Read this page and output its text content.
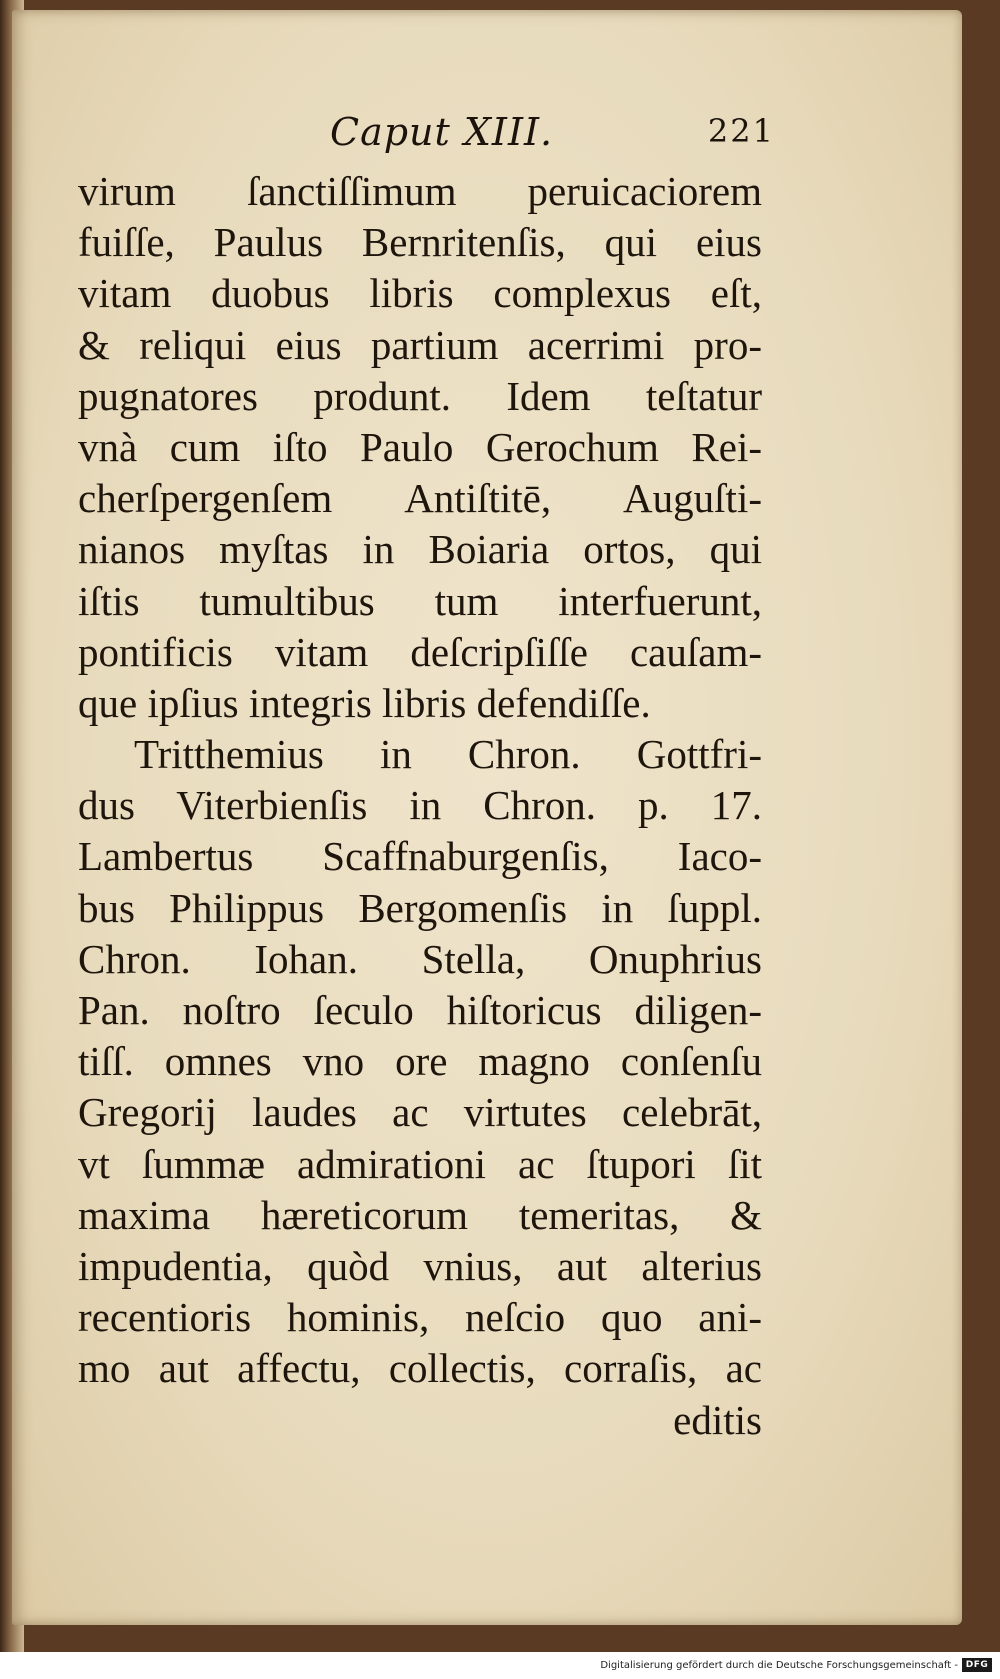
Caput XIII.	221
virum ſanctiſſimum peruicaciorem
fuiſſe, Paulus Bernritenſis, qui eius
vitam duobus libris complexus eſt,
& reliqui eius partium acerrimi pro-
pugnatores produnt. Idem teſtatur
vnà cum iſto Paulo Gerochum Rei-
cherſpergenſem Antiſtitē, Auguſti-
nianos myſtas in Boiaria ortos, qui
iſtis tumultibus tum interfuerunt,
pontificis vitam deſcripſiſſe cauſam-
que ipſius integris libris defendiſſe.
Tritthemius in Chron. Gottfri-
dus Viterbienſis in Chron. p. 17.
Lambertus Scaffnaburgenſis, Iaco-
bus Philippus Bergomenſis in ſuppl.
Chron. Iohan. Stella, Onuphrius
Pan. noſtro ſeculo hiſtoricus diligen-
tiſſ. omnes vno ore magno conſenſu
Gregorij laudes ac virtutes celebrāt,
vt ſummæ admirationi ac ſtupori ſit
maxima hæreticorum temeritas, &
impudentia, quòd vnius, aut alterius
recentioris hominis, neſcio quo ani-
mo aut affectu, collectis, corraſis, ac
editis
Digitalisierung gefördert durch die Deutsche Forschungsgemeinschaft - DFG
